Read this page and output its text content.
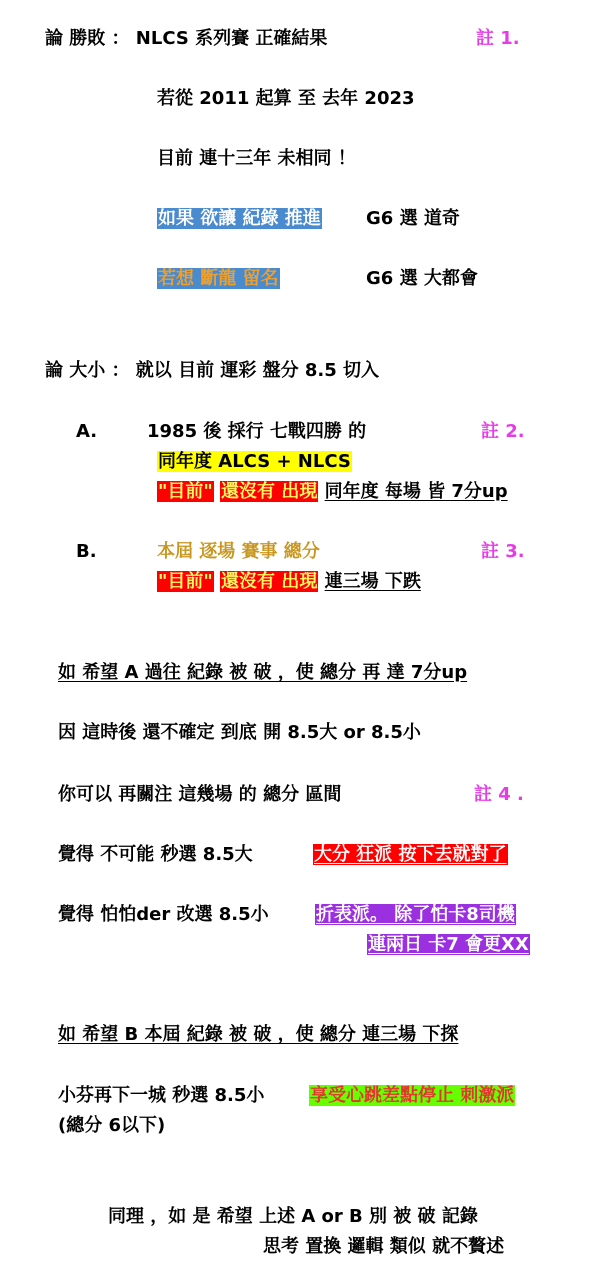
論 勝敗 ： NLCS 系列賽 正確結果	註 1.
若從 2011 起算 至 去年 2023
目前 連十三年 未相同 ！
如果 欲讓 紀錄 推進	G6 選 道奇
若想 斷龍 留名	G6 選 大都會
論 大小 ： 就以 目前 運彩 盤分 8.5 切入
A.	1985 後 採行 七戰四勝 的	註 2.
同年度 ALCS + NLCS
"目前" 還沒有 出現 同年度 每場 皆 7分up
B.	本屆 逐場 賽事 總分	註 3.
"目前" 還沒有 出現 連三場 下跌
如 希望 A 過往 紀錄 被 破 ，使 總分 再 達 7分up
因 這時後 還不確定 到底 開 8.5大 or 8.5小
你可以 再關注 這幾場 的 總分 區間	註 4 .
覺得 不可能 秒選 8.5大	大分 狂派 按下去就對了
覺得 怕怕der 改選 8.5小	折表派。 除了怕卡8司機
連兩日 卡7 會更XX
如 希望 B 本屆 紀錄 被 破 ，使 總分 連三場 下探
小芬再下一城 秒選 8.5小	享受心跳差點停止 刺激派
(總分 6以下)
同理 ，如 是 希望 上述 A or B 別 被 破 記錄
思考 置換 邏輯 類似 就不贅述
